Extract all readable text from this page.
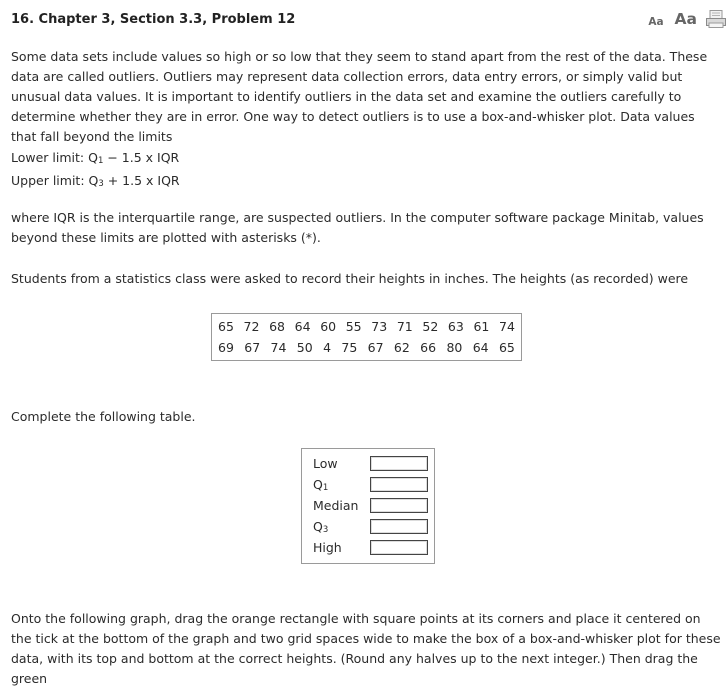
16. Chapter 3, Section 3.3, Problem 12	Aa Aa
Some data sets include values so high or so low that they seem to stand apart from the rest of the data. These data are called outliers. Outliers may represent data collection errors, data entry errors, or simply valid but unusual data values. It is important to identify outliers in the data set and examine the outliers carefully to determine whether they are in error. One way to detect outliers is to use a box-and-whisker plot. Data values that fall beyond the limits
Lower limit: $Q_1 - 1.5$ x IQR
Upper limit: $Q_3 + 1.5$ x IQR
where IQR is the interquartile range, are suspected outliers. In the computer software package Minitab, values beyond these limits are plotted with asterisks (*).
Students from a statistics class were asked to record their heights in inches. The heights (as recorded) were
65 72 68 64 60 55 73 71 52 63 61 74
69 67 74 50 4 75 67 62 66 80 64 65
Complete the following table.
Low
$Q_1$
Median
$Q_3$
High
Onto the following graph, drag the orange rectangle with square points at its corners and place it centered on the tick at the bottom of the graph and two grid spaces wide to make the box of a box-and-whisker plot for these data, with its top and bottom at the correct heights. (Round any halves up to the next integer.) Then drag the green
